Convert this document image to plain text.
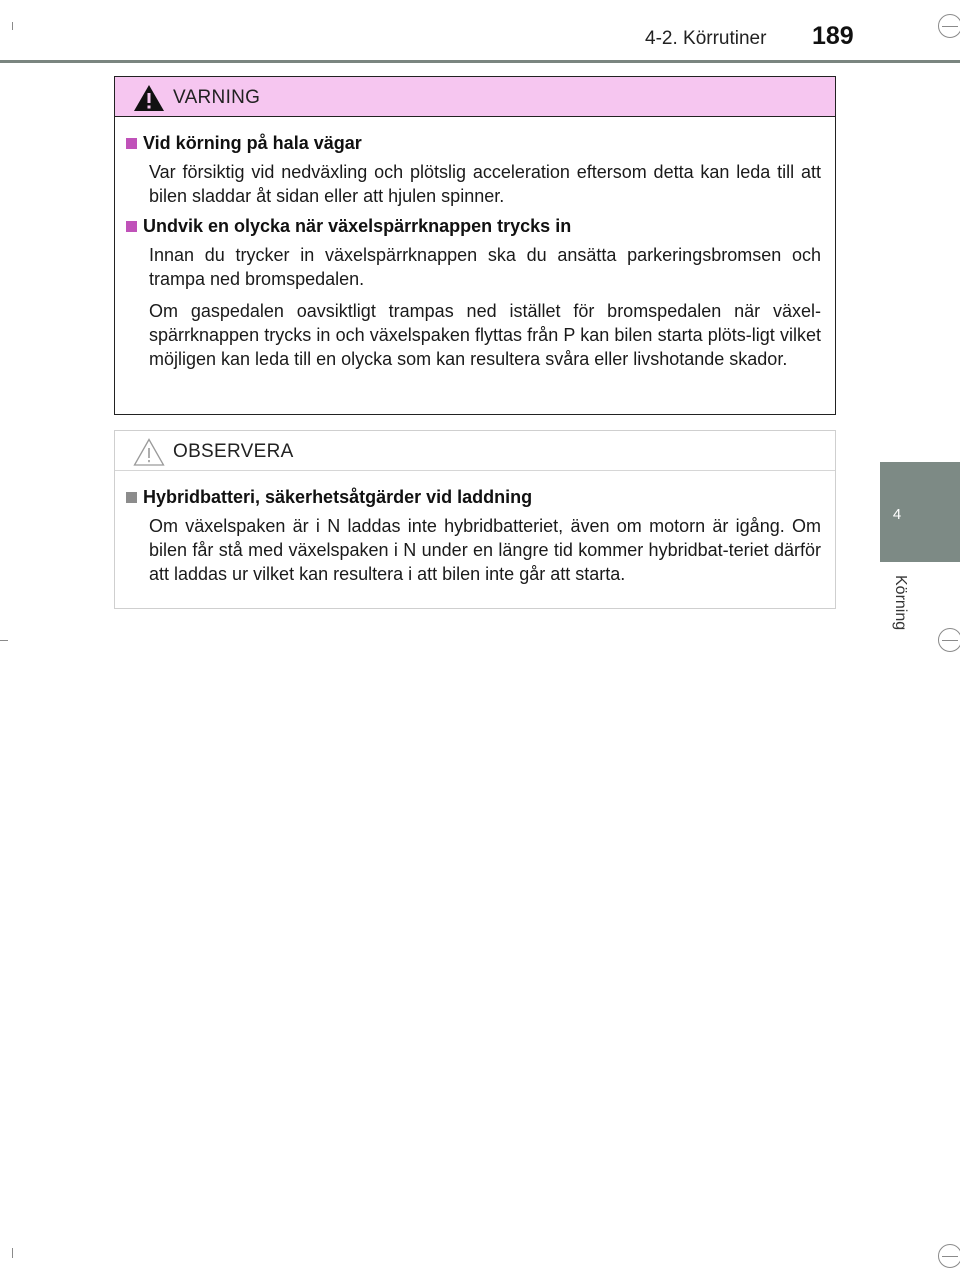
4-2. Körrutiner 189
4
Körning
VARNING
Vid körning på hala vägar

Var försiktig vid nedväxling och plötslig acceleration eftersom detta kan leda till att bilen sladdar åt sidan eller att hjulen spinner.

Undvik en olycka när växelspärrknappen trycks in

Innan du trycker in växelspärrknappen ska du ansätta parkeringsbromsen och trampa ned bromspedalen.

Om gaspedalen oavsiktligt trampas ned istället för bromspedalen när växel-spärrknappen trycks in och växelspaken flyttas från P kan bilen starta plöts-ligt vilket möjligen kan leda till en olycka som kan resultera svåra eller livshotande skador.

OBSERVERA
Hybridbatteri, säkerhetsåtgärder vid laddning

Om växelspaken är i N laddas inte hybridbatteriet, även om motorn är igång. Om bilen får stå med växelspaken i N under en längre tid kommer hybridbat-teriet därför att laddas ur vilket kan resultera i att bilen inte går att starta.
